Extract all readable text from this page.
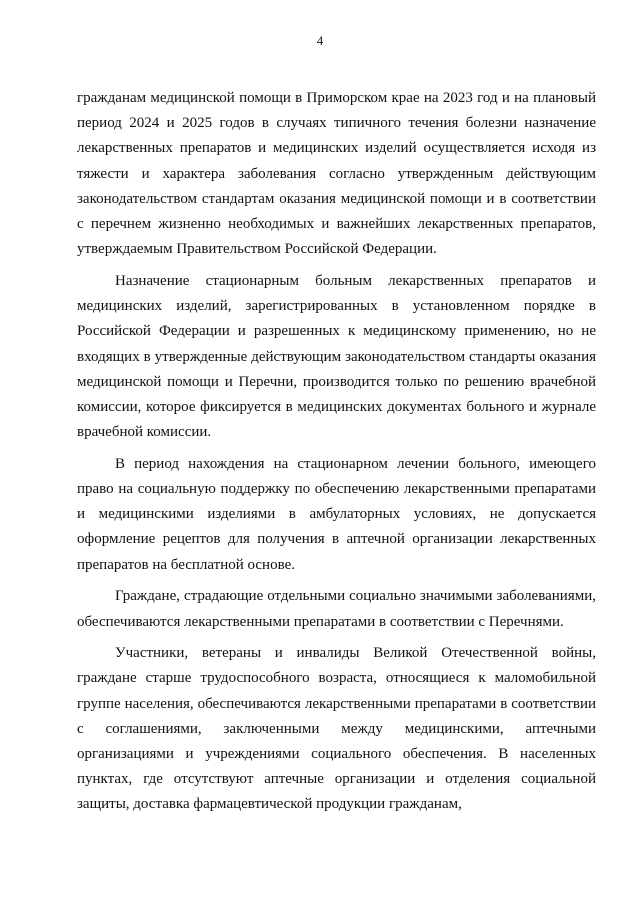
4

гражданам медицинской помощи в Приморском крае на 2023 год и на плановый период 2024 и 2025 годов в случаях типичного течения болезни назначение лекарственных препаратов и медицинских изделий осуществляется исходя из тяжести и характера заболевания согласно утвержденным действующим законодательством стандартам оказания медицинской помощи и в соответствии с перечнем жизненно необходимых и важнейших лекарственных препаратов, утверждаемым Правительством Российской Федерации.

Назначение стационарным больным лекарственных препаратов и медицинских изделий, зарегистрированных в установленном порядке в Российской Федерации и разрешенных к медицинскому применению, но не входящих в утвержденные действующим законодательством стандарты оказания медицинской помощи и Перечни, производится только по решению врачебной комиссии, которое фиксируется в медицинских документах больного и журнале врачебной комиссии.

В период нахождения на стационарном лечении больного, имеющего право на социальную поддержку по обеспечению лекарственными препаратами и медицинскими изделиями в амбулаторных условиях, не допускается оформление рецептов для получения в аптечной организации лекарственных препаратов на бесплатной основе.

Граждане, страдающие отдельными социально значимыми заболеваниями, обеспечиваются лекарственными препаратами в соответствии с Перечнями.

Участники, ветераны и инвалиды Великой Отечественной войны, граждане старше трудоспособного возраста, относящиеся к маломобильной группе населения, обеспечиваются лекарственными препаратами в соответствии с соглашениями, заключенными между медицинскими, аптечными организациями и учреждениями социального обеспечения. В населенных пунктах, где отсутствуют аптечные организации и отделения социальной защиты, доставка фармацевтической продукции гражданам,
